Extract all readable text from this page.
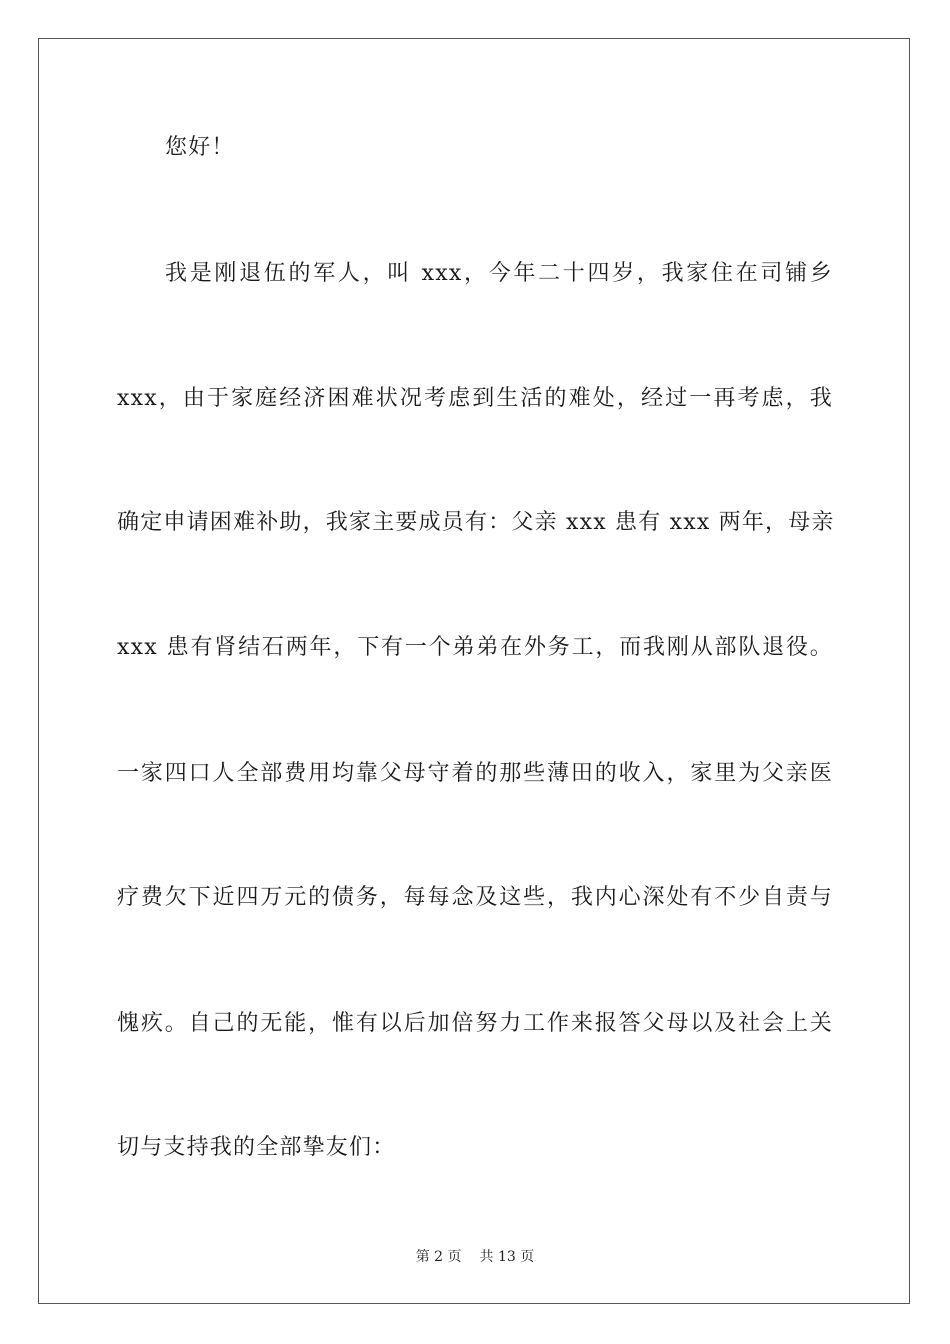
您好！
我是刚退伍的军人，叫 xxx，今年二十四岁，我家住在司铺乡
xxx，由于家庭经济困难状况考虑到生活的难处，经过一再考虑，我
确定申请困难补助，我家主要成员有：父亲 xxx 患有 xxx 两年，母亲
xxx 患有肾结石两年，下有一个弟弟在外务工，而我刚从部队退役。
一家四口人全部费用均靠父母守着的那些薄田的收入，家里为父亲医
疗费欠下近四万元的债务，每每念及这些，我内心深处有不少自责与
愧疚。自己的无能，惟有以后加倍努力工作来报答父母以及社会上关
切与支持我的全部挚友们：
第 2 页 共 13 页
